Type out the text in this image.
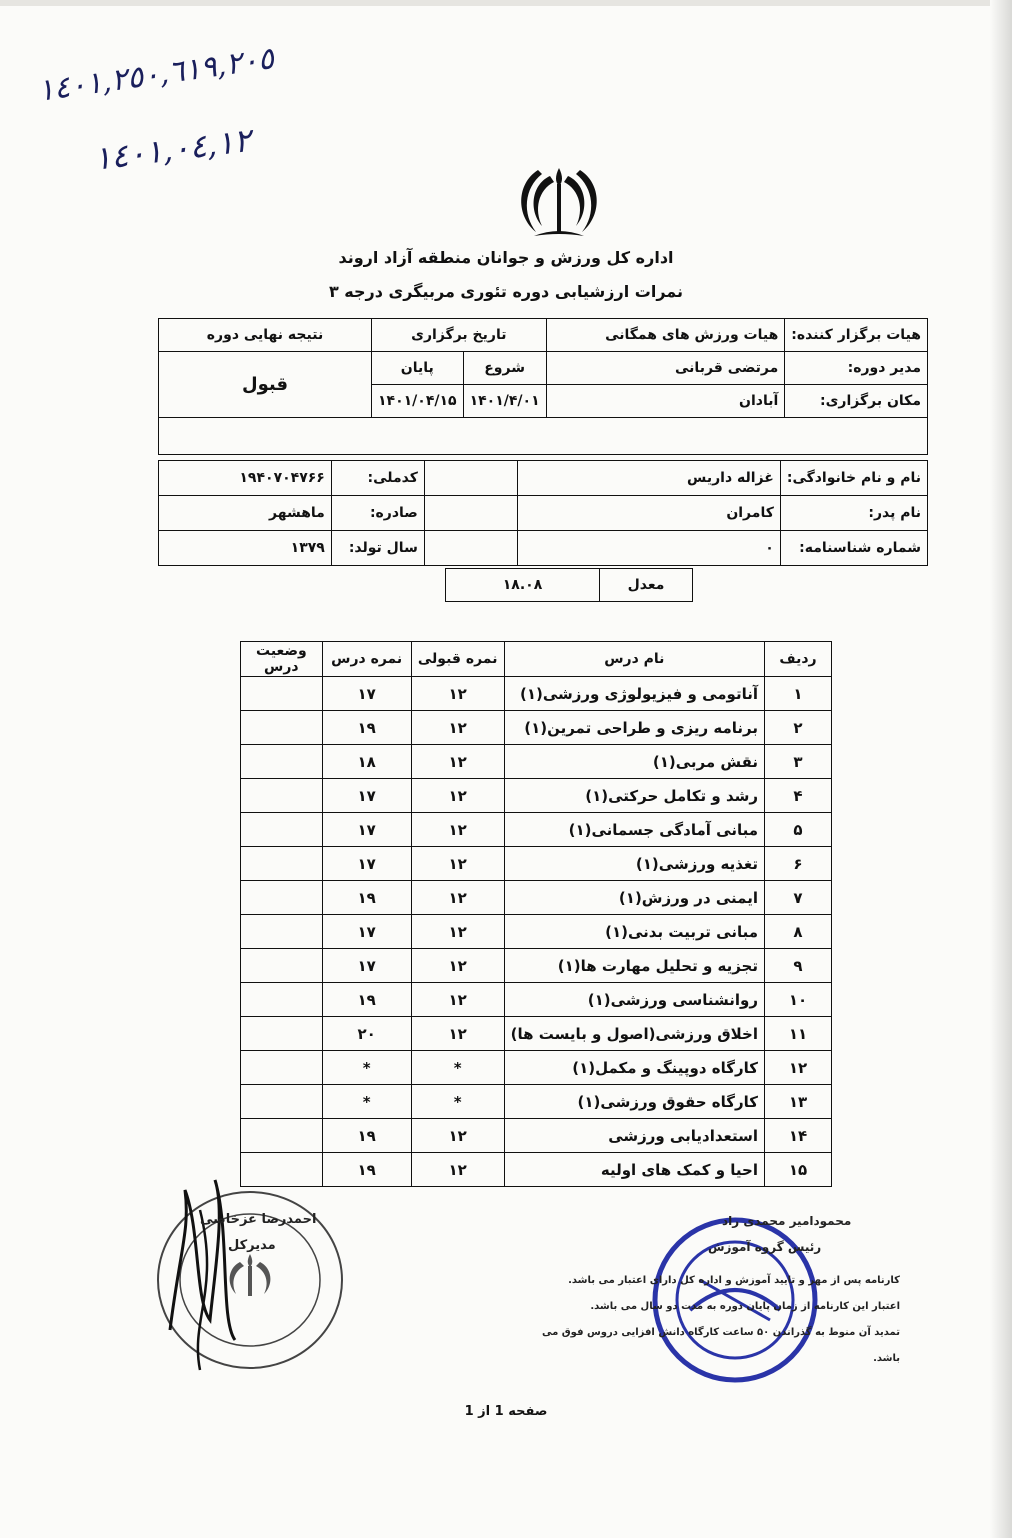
١٤٠١,٢٥٠,٦١٩,٢٠٥
١٤٠١,٠٤,١٢
اداره کل ورزش و جوانان منطقه آزاد اروند
نمرات ارزشیابی دوره تئوری مربیگری درجه ۳
هیات برگزار کننده:	هیات ورزش های همگانی	تاریخ برگزاری		نتیجه نهایی دوره
مدیر دوره:	مرتضی قربانی	شروع	پایان	قبول
مکان برگزاری:	آبادان	۱۴۰۱/۴/۰۱	۱۴۰۱/۰۴/۱۵	

نام و نام خانوادگی:	غزاله داریس		کدملی:	۱۹۴۰۷۰۴۷۶۶
نام پدر:	کامران		صادره:	ماهشهر
شماره شناسنامه:	۰		سال تولد:	۱۳۷۹
معدل	۱۸.۰۸
ردیف	نام درس	نمره قبولی	نمره درس	وضعیت درس
۱	آناتومی و فیزیولوژی ورزشی(۱)	۱۲	۱۷	
۲	برنامه ریزی و طراحی تمرین(۱)	۱۲	۱۹	
۳	نقش مربی(۱)	۱۲	۱۸	
۴	رشد و تکامل حرکتی(۱)	۱۲	۱۷	
۵	مبانی آمادگی جسمانی(۱)	۱۲	۱۷	
۶	تغذیه ورزشی(۱)	۱۲	۱۷	
۷	ایمنی در ورزش(۱)	۱۲	۱۹	
۸	مبانی تربیت بدنی(۱)	۱۲	۱۷	
۹	تجزیه و تحلیل مهارت ها(۱)	۱۲	۱۷	
۱۰	روانشناسی ورزشی(۱)	۱۲	۱۹	
۱۱	اخلاق ورزشی(اصول و بایست ها)	۱۲	۲۰	
۱۲	کارگاه دوپینگ و مکمل(۱)	*	*	
۱۳	کارگاه حقوق ورزشی(۱)	*	*	
۱۴	استعدادیابی ورزشی	۱۲	۱۹	
۱۵	احیا و کمک های اولیه	۱۲	۱۹	
احمدرضا عزخاصی
مدیرکل
محمودامیر محمدی راد
رئیس گروه آموزش
کارنامه پس از مهر و تایید آموزش و اداره کل دارای اعتبار می باشد.
اعتبار این کارنامه از زمان پایان دوره به مدت دو سال می باشد.
تمدید آن منوط به گذراندن ۵۰ ساعت کارگاه دانش افزایی دروس فوق می باشد.
صفحه 1 از 1
